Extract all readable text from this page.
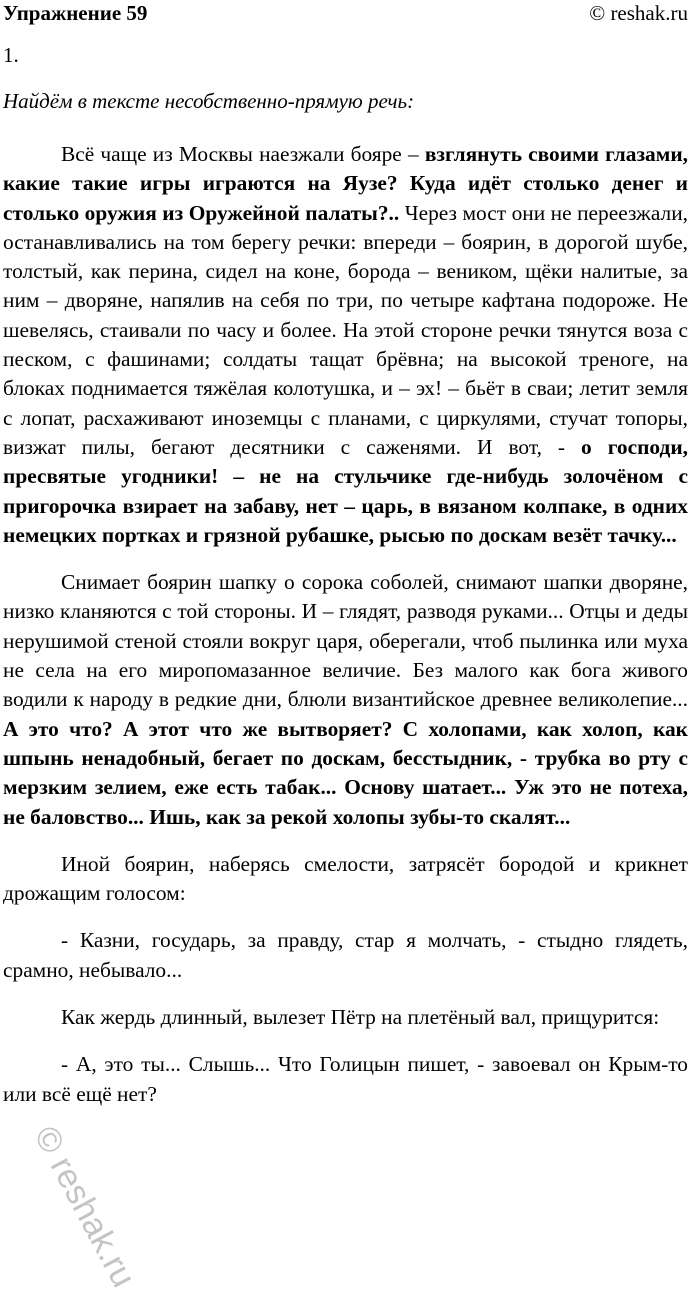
Упражнение 59	© reshak.ru
1.
Найдём в тексте несобственно-прямую речь:

Всё чаще из Москвы наезжали бояре – взглянуть своими глазами, какие такие игры играются на Яузе? Куда идёт столько денег и столько оружия из Оружейной палаты?.. Через мост они не переезжали, останавливались на том берегу речки: впереди – боярин, в дорогой шубе, толстый, как перина, сидел на коне, борода – веником, щёки налитые, за ним – дворяне, напялив на себя по три, по четыре кафтана подороже. Не шевелясь, стаивали по часу и более. На этой стороне речки тянутся воза с песком, с фашинами; солдаты тащат брёвна; на высокой треноге, на блоках поднимается тяжёлая колотушка, и – эх! – бьёт в сваи; летит земля с лопат, расхаживают иноземцы с планами, с циркулями, стучат топоры, визжат пилы, бегают десятники с саженями. И вот, - о господи, пресвятые угодники! – не на стульчике где-нибудь золочёном с пригорочка взирает на забаву, нет – царь, в вязаном колпаке, в одних немецких портках и грязной рубашке, рысью по доскам везёт тачку...

Снимает боярин шапку о сорока соболей, снимают шапки дворяне, низко кланяются с той стороны. И – глядят, разводя руками... Отцы и деды нерушимой стеной стояли вокруг царя, оберегали, чтоб пылинка или муха не села на его миропомазанное величие. Без малого как бога живого водили к народу в редкие дни, блюли византийское древнее великолепие... А это что? А этот что же вытворяет? С холопами, как холоп, как шпынь ненадобный, бегает по доскам, бесстыдник, - трубка во рту с мерзким зелием, еже есть табак... Основу шатает... Уж это не потеха, не баловство... Ишь, как за рекой холопы зубы-то скалят...

Иной боярин, наберясь смелости, затрясёт бородой и крикнет дрожащим голосом:

- Казни, государь, за правду, стар я молчать, - стыдно глядеть, срамно, небывало...

Как жердь длинный, вылезет Пётр на плетёный вал, прищурится:

- А, это ты... Слышь... Что Голицын пишет, - завоевал он Крым-то или всё ещё нет?

© reshak.ru
